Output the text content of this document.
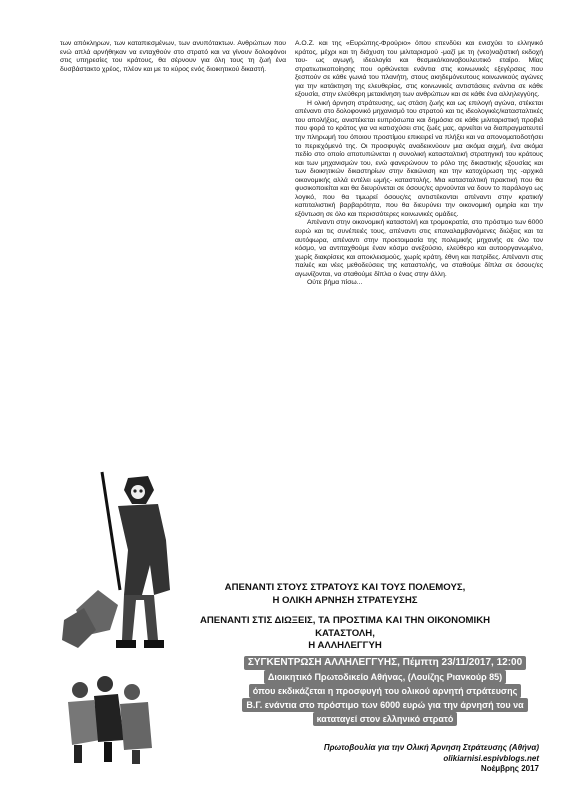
των απόκληρων, των καταπιεσμένων, των ανυπότακτων. Ανθρώπων που ενώ απλά αρνήθηκαν να ενταχθούν στο στρατό και να γίνουν δολοφόνοι στις υπηρεσίες του κράτους, θα σέρνουν για όλη τους τη ζωή ένα δυσβάστακτο χρέος, πλέον και με το κύρος ενός διοικητικού δικαστή.

Α.Ο.Ζ. και της «Ευρώπης-Φρούριο» όπου επενδύει και ενισχύει το ελληνικό κράτος, μέχρι και τη διάχυση του μιλιταρισμού -μαζί με τη (νεο)ναζιστική εκδοχή του- ως αγωγή, ιδεολογία και θεσμικό/κοινοβουλευτικό εταίρο. Μίας στρατιωτικοποίησης που ορθώνεται ενάντια στις κοινωνικές εξεγέρσεις που ξεσπούν σε κάθε γωνιά του πλανήτη, στους ακηδεμόνευτους κοινωνικούς αγώνες για την κατάκτηση της ελευθερίας, στις κοινωνικές αντιστάσεις ενάντια σε κάθε εξουσία, στην ελεύθερη μετακίνηση των ανθρώπων και σε κάθε ένα αλληλεγγύης.

Η ολική άρνηση στράτευσης, ως στάση ζωής και ως επιλογή αγώνα, στέκεται απέναντι στο δολοφονικό μηχανισμό του στρατού και τις ιδεολογικές/κατασταλτικές του απολήξεις, ανιστέκεται ευπρόσωπα και δημόσια σε κάθε μιλιταριστική προβιά που φορά το κράτος για να κατισχύσει στις ζωές μας, αρνείται να διαπραγματευτεί την πληρωμή του όποιου προστίμου επικειρεί να πλήξει και να απονοματοδοτήσει το περιεχόμενό της. Οι προσφυγές αναδεικνύουν μια ακόμα αιχμή, ένα ακόμα πεδίο στο οποίο αποτυπώνεται η συνολική κατασταλτική στρατηγική του κράτους και των μηχανισμών του, ενώ φανερώνουν το ρόλο της δικαστικής εξουσίας και των διοικητικών δικαστηρίων στην διαιώνιση και την κατοχύρωση της -αρχικά οικονομικής αλλά εντέλει ωμής- καταστολής. Μια κατασταλτική πρακτική που θα φυσικοποιείται και θα διευρύνεται σε όσους/ες αρνούνται να δουν το παράλογο ως λογικό, που θα τιμωρεί όσους/ες αντιστέκονται απέναντι στην κρατική/καπιταλιστική βαρβαρότητα, που θα διευρύνει την οικονομική ομηρία και την εξόντωση σε όλο και περισσότερες κοινωνικές ομάδες.

Απέναντι στην οικονομική καταστολή και τρομοκρατία, στο πρόστιμο των 6000 ευρώ και τις συνέπειές τους, απέναντι στις επαναλαμβανόμενες διώξεις και τα αυτόφωρα, απέναντι στην προετοιμασία της πολεμικής μηχανής σε όλο τον κόσμο, να αντιταχθούμε έναν κόσμο ανεξούσιο, ελεύθερο και αυτοοργανωμένο, χωρίς διακρίσεις και αποκλεισμούς, χωρίς κράτη, έθνη και πατρίδες. Απέναντι στις παλιές και νέες μεθοδεύσεις της καταστολής, να σταθούμε δίπλα σε όσους/ες αγωνίζονται, να σταθούμε δίπλα ο ένας στην άλλη.

Ούτε βήμα πίσω...

ΑΠΕΝΑΝΤΙ ΣΤΟΥΣ ΣΤΡΑΤΟΥΣ ΚΑΙ ΤΟΥΣ ΠΟΛΕΜΟΥΣ,
Η ΟΛΙΚΗ ΑΡΝΗΣΗ ΣΤΡΑΤΕΥΣΗΣ
ΑΠΕΝΑΝΤΙ ΣΤΙΣ ΔΙΩΞΕΙΣ, ΤΑ ΠΡΟΣΤΙΜΑ ΚΑΙ ΤΗΝ ΟΙΚΟΝΟΜΙΚΗ ΚΑΤΑΣΤΟΛΗ,
Η ΑΛΛΗΛΕΓΓΥΗ
ΣΥΓΚΕΝΤΡΩΣΗ ΑΛΛΗΛΕΓΓΥΗΣ, Πέμπτη 23/11/2017, 12:00
Διοικητικό Πρωτοδικείο Αθήνας, (Λουίζης Ριανκούρ 85)
όπου εκδικάζεται η προσφυγή του ολικού αρνητή στράτευσης
Β.Γ. ενάντια στο πρόστιμο των 6000 ευρώ για την άρνησή του να
καταταγεί στον ελληνικό στρατό
Πρωτοβουλία για την Ολική Άρνηση Στράτευσης (Αθήνα)
olikiarnisi.espivblogs.net
Νοέμβρης 2017
